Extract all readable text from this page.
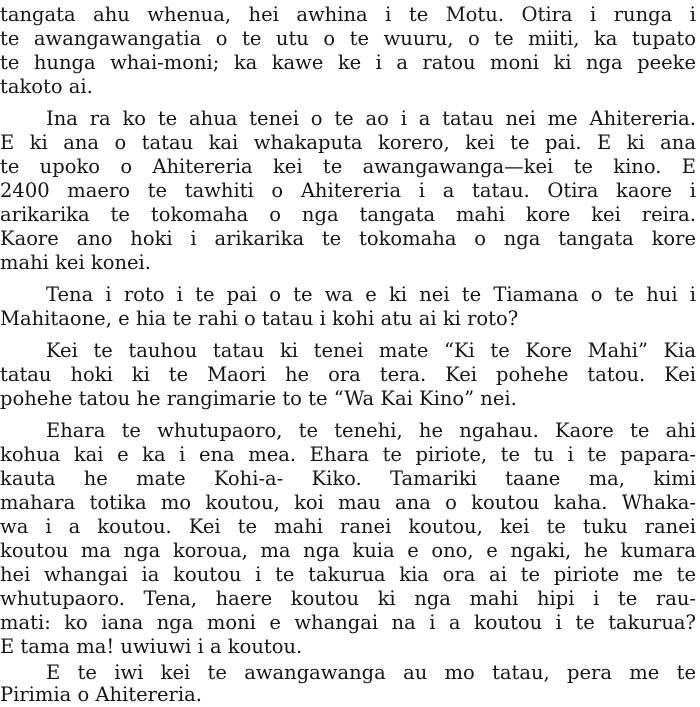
tangata ahu whenua, hei awhina i te Motu. Otira i runga i
te awangawangatia o te utu o te wuuru, o te miiti, ka tupato
te hunga whai-moni; ka kawe ke i a ratou moni ki nga peeke
takoto ai.
Ina ra ko te ahua tenei o te ao i a tatau nei me Ahitereria.
E ki ana o tatau kai whakaputa korero, kei te pai. E ki ana
te upoko o Ahitereria kei te awangawanga—kei te kino. E
2400 maero te tawhiti o Ahitereria i a tatau. Otira kaore i
arikarika te tokomaha o nga tangata mahi kore kei reira.
Kaore ano hoki i arikarika te tokomaha o nga tangata kore
mahi kei konei.
Tena i roto i te pai o te wa e ki nei te Tiamana o te hui i
Mahitaone, e hia te rahi o tatau i kohi atu ai ki roto?
Kei te tauhou tatau ki tenei mate “Ki te Kore Mahi” Kia
tatau hoki ki te Maori he ora tera. Kei pohehe tatou. Kei
pohehe tatou he rangimarie to te “Wa Kai Kino” nei.
Ehara te whutupaoro, te tenehi, he ngahau. Kaore te ahi
kohua kai e ka i ena mea. Ehara te piriote, te tu i te papara-
kauta he mate Kohi-a- Kiko. Tamariki taane ma, kimi
mahara totika mo koutou, koi mau ana o koutou kaha. Whaka-
wa i a koutou. Kei te mahi ranei koutou, kei te tuku ranei
koutou ma nga koroua, ma nga kuia e ono, e ngaki, he kumara
hei whangai ia koutou i te takurua kia ora ai te piriote me te
whutupaoro. Tena, haere koutou ki nga mahi hipi i te rau-
mati: ko iana nga moni e whangai na i a koutou i te takurua?
E tama ma! uwiuwi i a koutou.
E te iwi kei te awangawanga au mo tatau, pera me te
Pirimia o Ahitereria.
